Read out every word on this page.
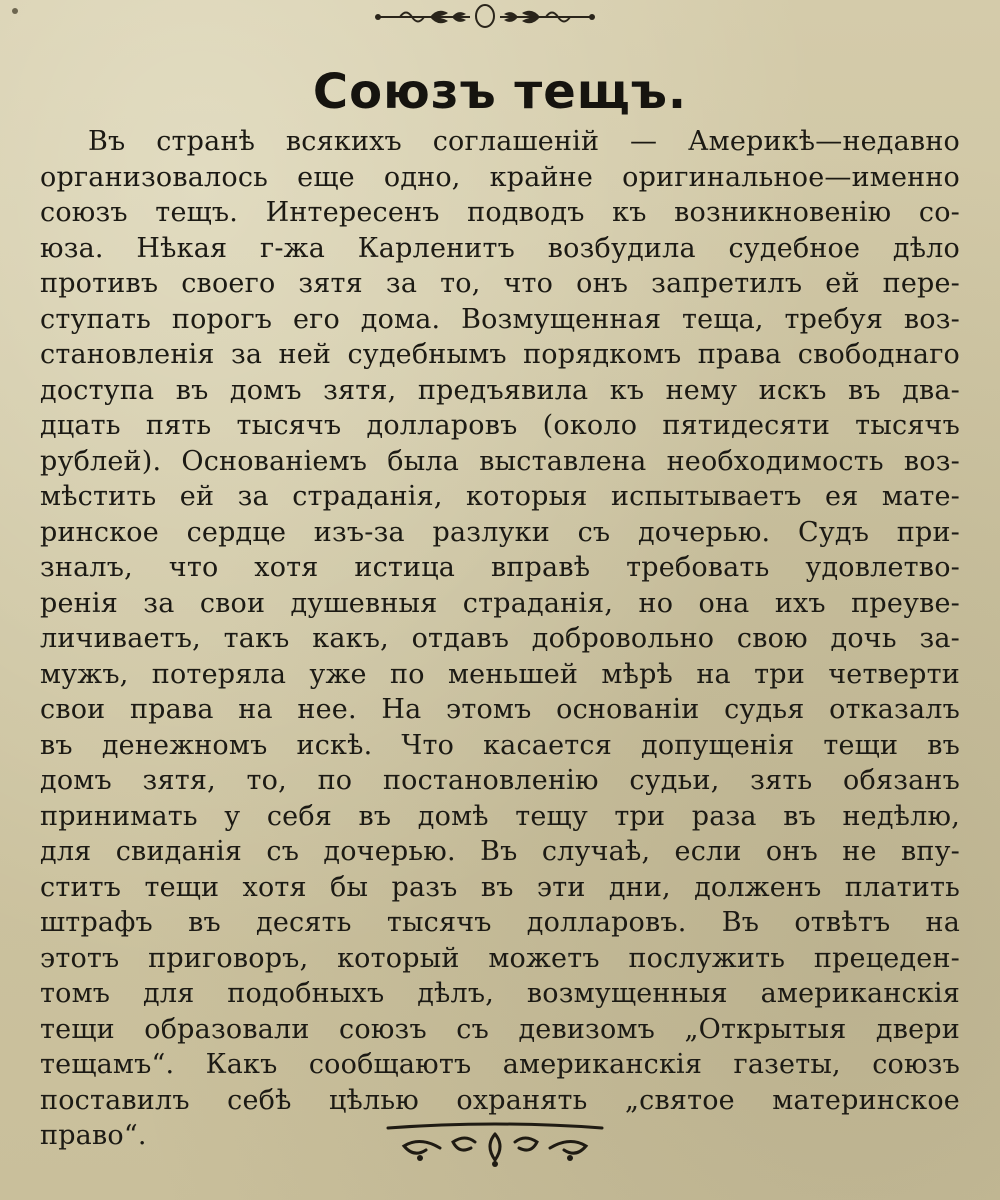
Союзъ тещъ.
Въ странѣ всякихъ соглашеній — Америкѣ—недавно
организовалось еще одно, крайне оригинальное—именно
союзъ тещъ. Интересенъ подводъ къ возникновенію со-
юза. Нѣкая г-жа Карленитъ возбудила судебное дѣло
противъ своего зятя за то, что онъ запретилъ ей пере-
ступать порогъ его дома. Возмущенная теща, требуя воз-
становленія за ней судебнымъ порядкомъ права свободнаго
доступа въ домъ зятя, предъявила къ нему искъ въ два-
дцать пять тысячъ долларовъ (около пятидесяти тысячъ
рублей). Основаніемъ была выставлена необходимость воз-
мѣстить ей за страданія, которыя испытываетъ ея мате-
ринское сердце изъ-за разлуки съ дочерью. Судъ при-
зналъ, что хотя истица вправѣ требовать удовлетво-
ренія за свои душевныя страданія, но она ихъ преуве-
личиваетъ, такъ какъ, отдавъ добровольно свою дочь за-
мужъ, потеряла уже по меньшей мѣрѣ на три четверти
свои права на нее. На этомъ основаніи судья отказалъ
въ денежномъ искѣ. Что касается допущенія тещи въ
домъ зятя, то, по постановленію судьи, зять обязанъ
принимать у себя въ домѣ тещу три раза въ недѣлю,
для свиданія съ дочерью. Въ случаѣ, если онъ не впу-
ститъ тещи хотя бы разъ въ эти дни, долженъ платить
штрафъ въ десять тысячъ долларовъ. Въ отвѣтъ на
этотъ приговоръ, который можетъ послужить прецеден-
томъ для подобныхъ дѣлъ, возмущенныя американскія
тещи образовали союзъ съ девизомъ „Открытыя двери
тещамъ“. Какъ сообщаютъ американскія газеты, союзъ
поставилъ себѣ цѣлью охранять „святое материнское
право“.
